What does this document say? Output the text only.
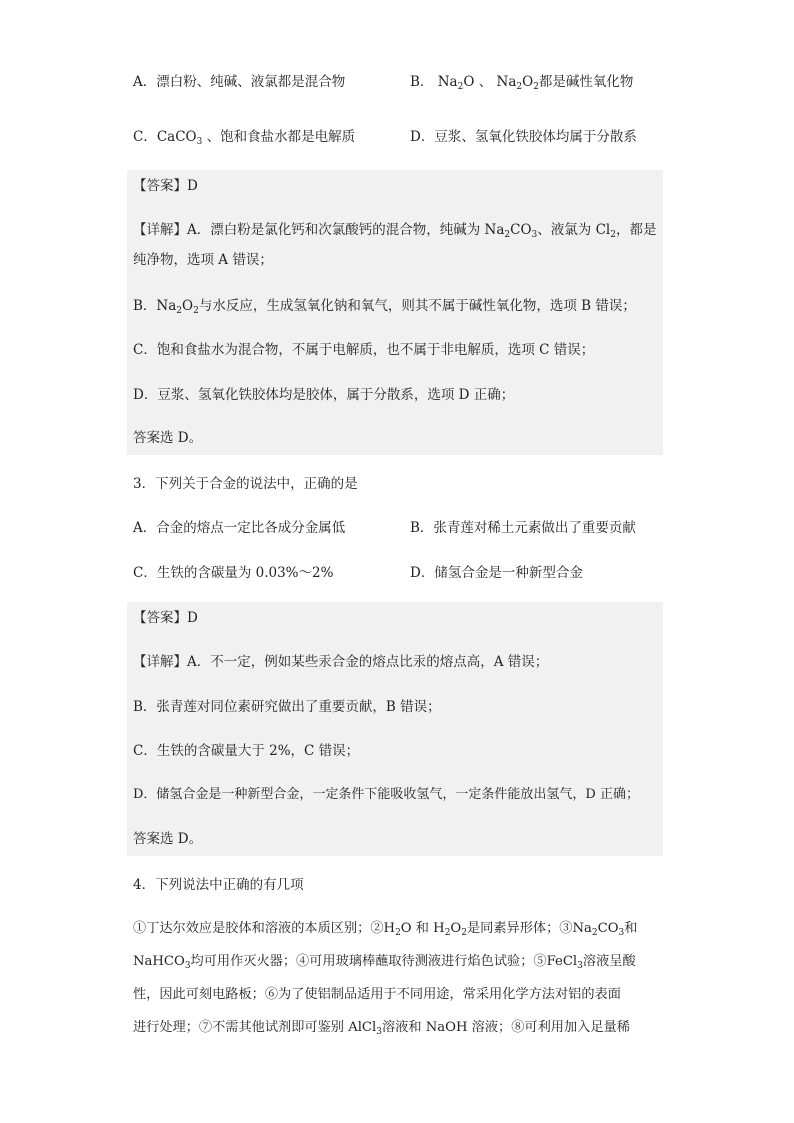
A．漂白粉、纯碱、液氯都是混合物	B． $Na_2O$ 、 $Na_2O_2$都是碱性氧化物
C．CaCO$_3$ 、饱和食盐水都是电解质	D．豆浆、氢氧化铁胶体均属于分散系
【答案】D
【详解】A．漂白粉是氯化钙和次氯酸钙的混合物，纯碱为 $Na_2CO_3$、液氯为 $Cl_2$，都是
纯净物，选项 A 错误；
B．$Na_2O_2$与水反应，生成氢氧化钠和氧气，则其不属于碱性氧化物，选项 B 错误；
C．饱和食盐水为混合物，不属于电解质，也不属于非电解质，选项 C 错误；
D．豆浆、氢氧化铁胶体均是胶体，属于分散系，选项 D 正确；
答案选 D。
3．下列关于合金的说法中，正确的是
A．合金的熔点一定比各成分金属低	B．张青莲对稀土元素做出了重要贡献
C．生铁的含碳量为 0.03%～2%	D．储氢合金是一种新型合金
【答案】D
【详解】A．不一定，例如某些汞合金的熔点比汞的熔点高，A 错误；
B．张青莲对同位素研究做出了重要贡献，B 错误；
C．生铁的含碳量大于 2%，C 错误；
D．储氢合金是一种新型合金，一定条件下能吸收氢气，一定条件能放出氢气，D 正确；
答案选 D。
4．下列说法中正确的有几项
①丁达尔效应是胶体和溶液的本质区别；$②H_2O$ 和 $H_2O_2$是同素异形体；$③Na_2CO_3$和
NaHCO$_3$均可用作灭火器；④可用玻璃棒蘸取待测液进行焰色试验；⑤FeCl$_3$溶液呈酸
性，因此可刻电路板；⑥为了使铝制品适用于不同用途，常采用化学方法对铝的表面
进行处理；⑦不需其他试剂即可鉴别 AlCl$_3$溶液和 NaOH 溶液；⑧可利用加入足量稀
